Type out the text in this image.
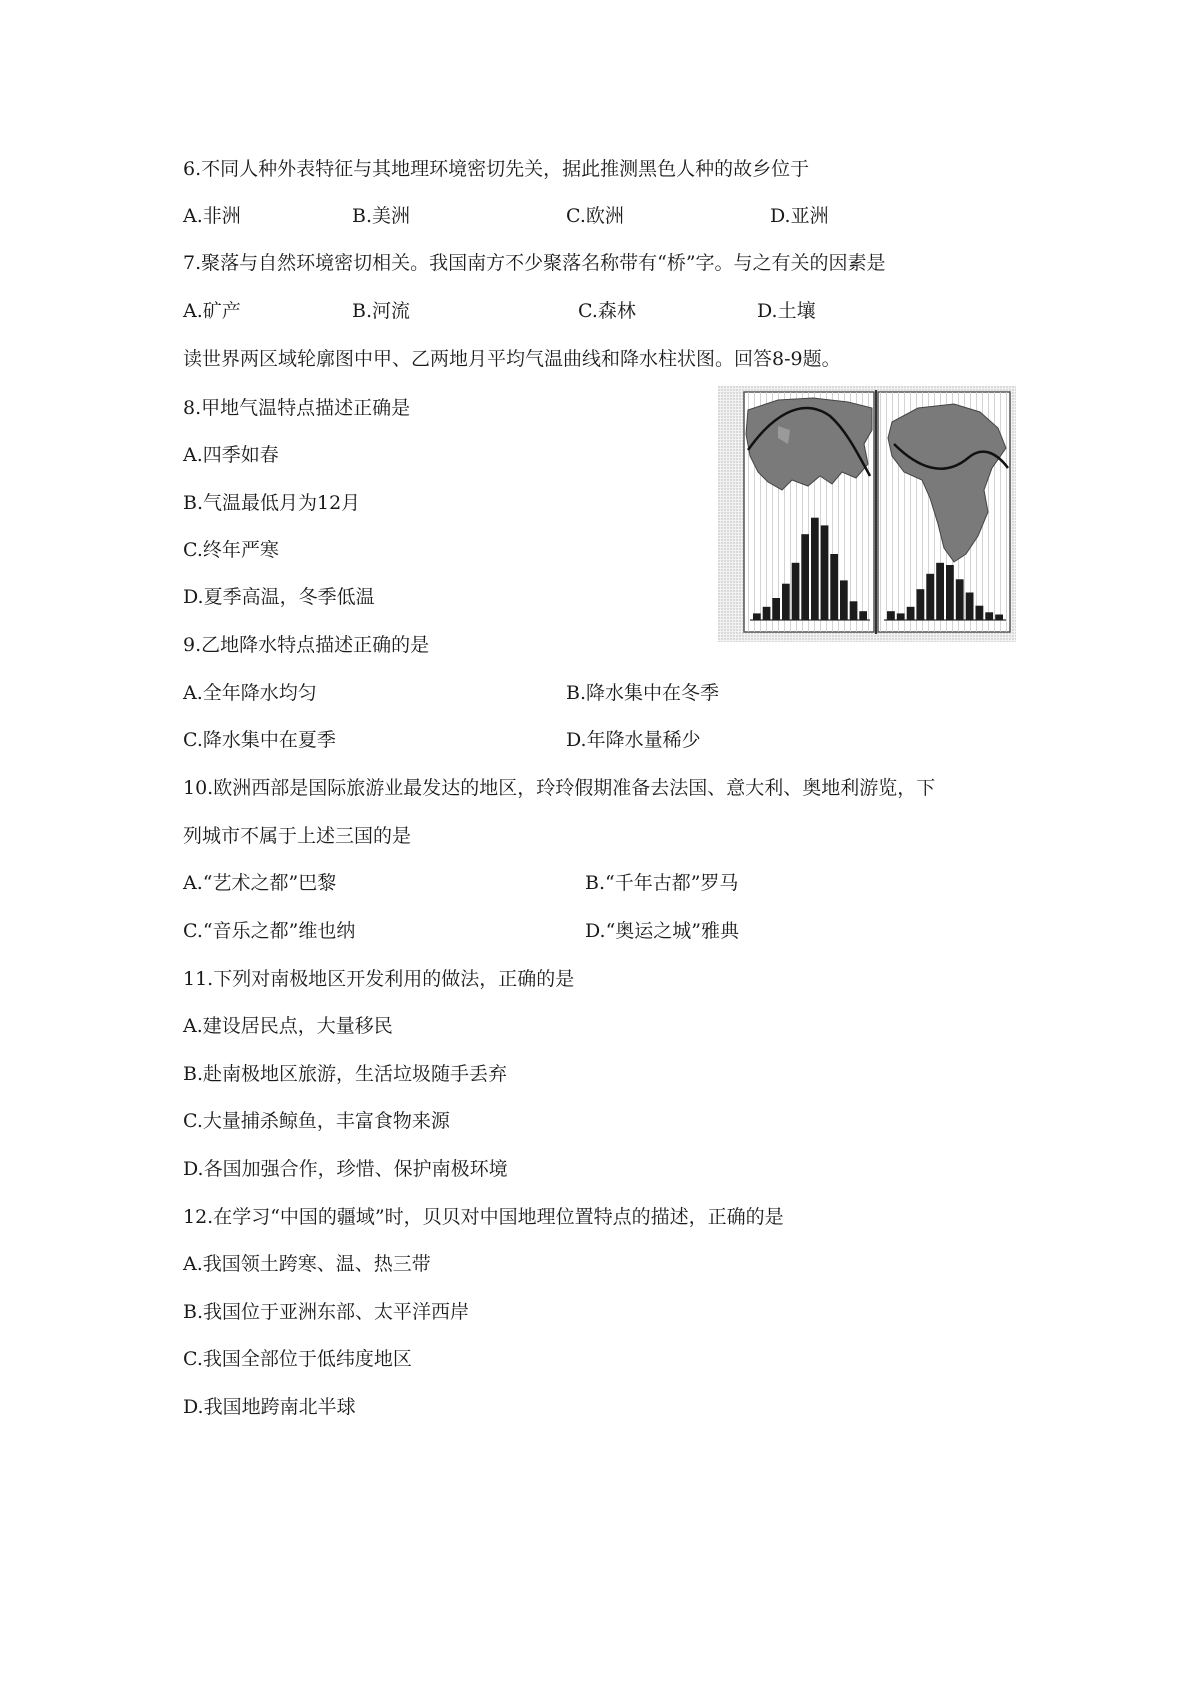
6.不同人种外表特征与其地理环境密切先关，据此推测黑色人种的故乡位于
A.非洲	B.美洲	C.欧洲	D.亚洲
7.聚落与自然环境密切相关。我国南方不少聚落名称带有“桥”字。与之有关的因素是
A.矿产	B.河流	C.森林	D.土壤
读世界两区域轮廓图中甲、乙两地月平均气温曲线和降水柱状图。回答8-9题。
8.甲地气温特点描述正确是
A.四季如春
B.气温最低月为12月
C.终年严寒
D.夏季高温，冬季低温
9.乙地降水特点描述正确的是
A.全年降水均匀	B.降水集中在冬季
C.降水集中在夏季	D.年降水量稀少
10.欧洲西部是国际旅游业最发达的地区，玲玲假期准备去法国、意大利、奥地利游览，下
列城市不属于上述三国的是
A.“艺术之都”巴黎	B.“千年古都”罗马
C.“音乐之都”维也纳	D.“奥运之城”雅典
11.下列对南极地区开发利用的做法，正确的是
A.建设居民点，大量移民
B.赴南极地区旅游，生活垃圾随手丢弃
C.大量捕杀鲸鱼，丰富食物来源
D.各国加强合作，珍惜、保护南极环境
12.在学习“中国的疆域”时，贝贝对中国地理位置特点的描述，正确的是
A.我国领土跨寒、温、热三带
B.我国位于亚洲东部、太平洋西岸
C.我国全部位于低纬度地区
D.我国地跨南北半球
